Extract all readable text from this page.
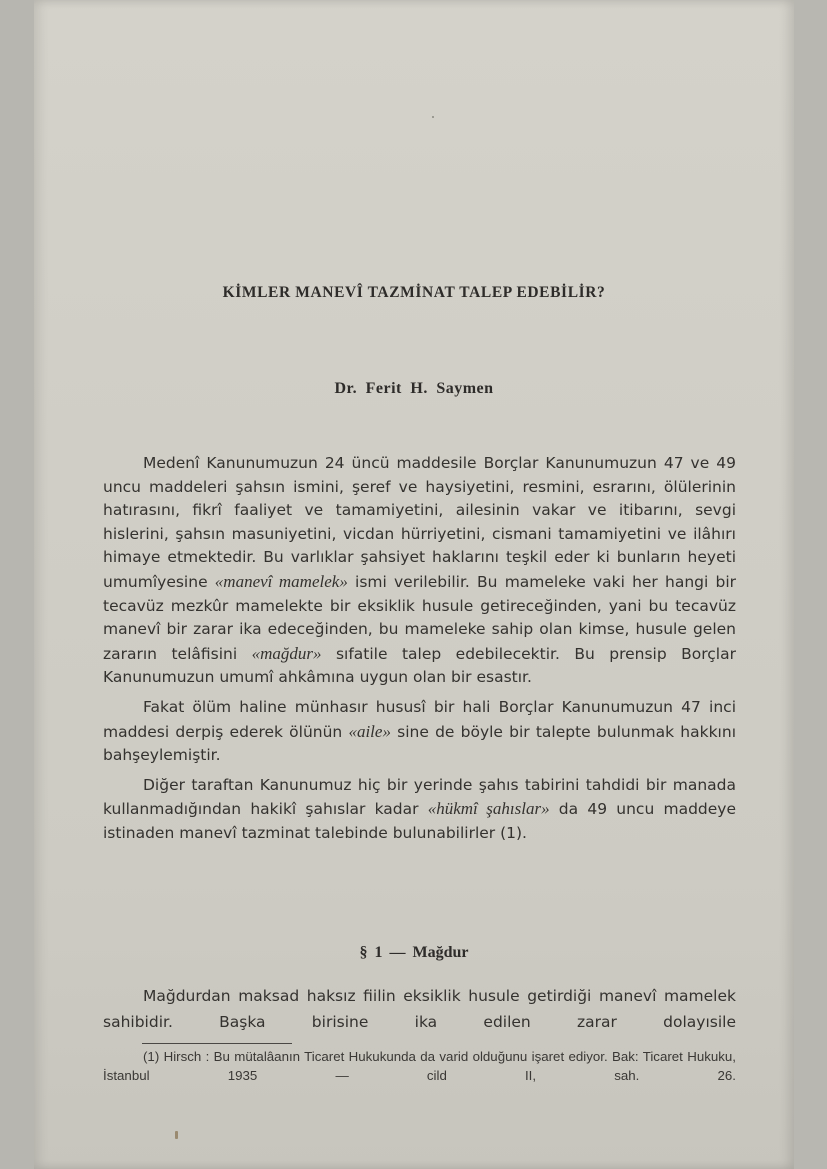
KİMLER MANEVÎ TAZMİNAT TALEP EDEBİLİR?
Dr. Ferit H. Saymen

Medenî Kanunumuzun 24 üncü maddesile Borçlar Kanunumuzun 47 ve 49 uncu maddeleri şahsın ismini, şeref ve haysiyetini, resmini, esrarını, ölülerinin hatırasını, fikrî faaliyet ve tamamiyetini, ailesinin vakar ve itibarını, sevgi hislerini, şahsın masuniyetini, vicdan hürriyetini, cismani tamamiyetini ve ilâhırı himaye etmektedir. Bu varlıklar şahsiyet haklarını teşkil eder ki bunların heyeti umumîyesine «manevî mamelek» ismi verilebilir. Bu mameleke vaki her hangi bir tecavüz mezkûr mamelekte bir eksiklik husule getireceğinden, yani bu tecavüz manevî bir zarar ika edeceğinden, bu mameleke sahip olan kimse, husule gelen zararın telâfisini «mağdur» sıfatile talep edebilecektir. Bu prensip Borçlar Kanunumuzun umumî ahkâmına uygun olan bir esastır.

Fakat ölüm haline münhasır hususî bir hali Borçlar Kanunumuzun 47 inci maddesi derpiş ederek ölünün «aile» sine de böyle bir talepte bulunmak hakkını bahşeylemiştir.

Diğer taraftan Kanunumuz hiç bir yerinde şahıs tabirini tahdidi bir manada kullanmadığından hakikî şahıslar kadar «hükmî şahıslar» da 49 uncu maddeye istinaden manevî tazminat talebinde bulunabilirler (1).

§ 1 — Mağdur

Mağdurdan maksad haksız fiilin eksiklik husule getirdiği manevî mamelek sahibidir. Başka birisine ika edilen zarar dolayısile

(1) Hirsch : Bu mütalâanın Ticaret Hukukunda da varid olduğunu işaret ediyor. Bak: Ticaret Hukuku, İstanbul 1935 — cild II, sah. 26.
